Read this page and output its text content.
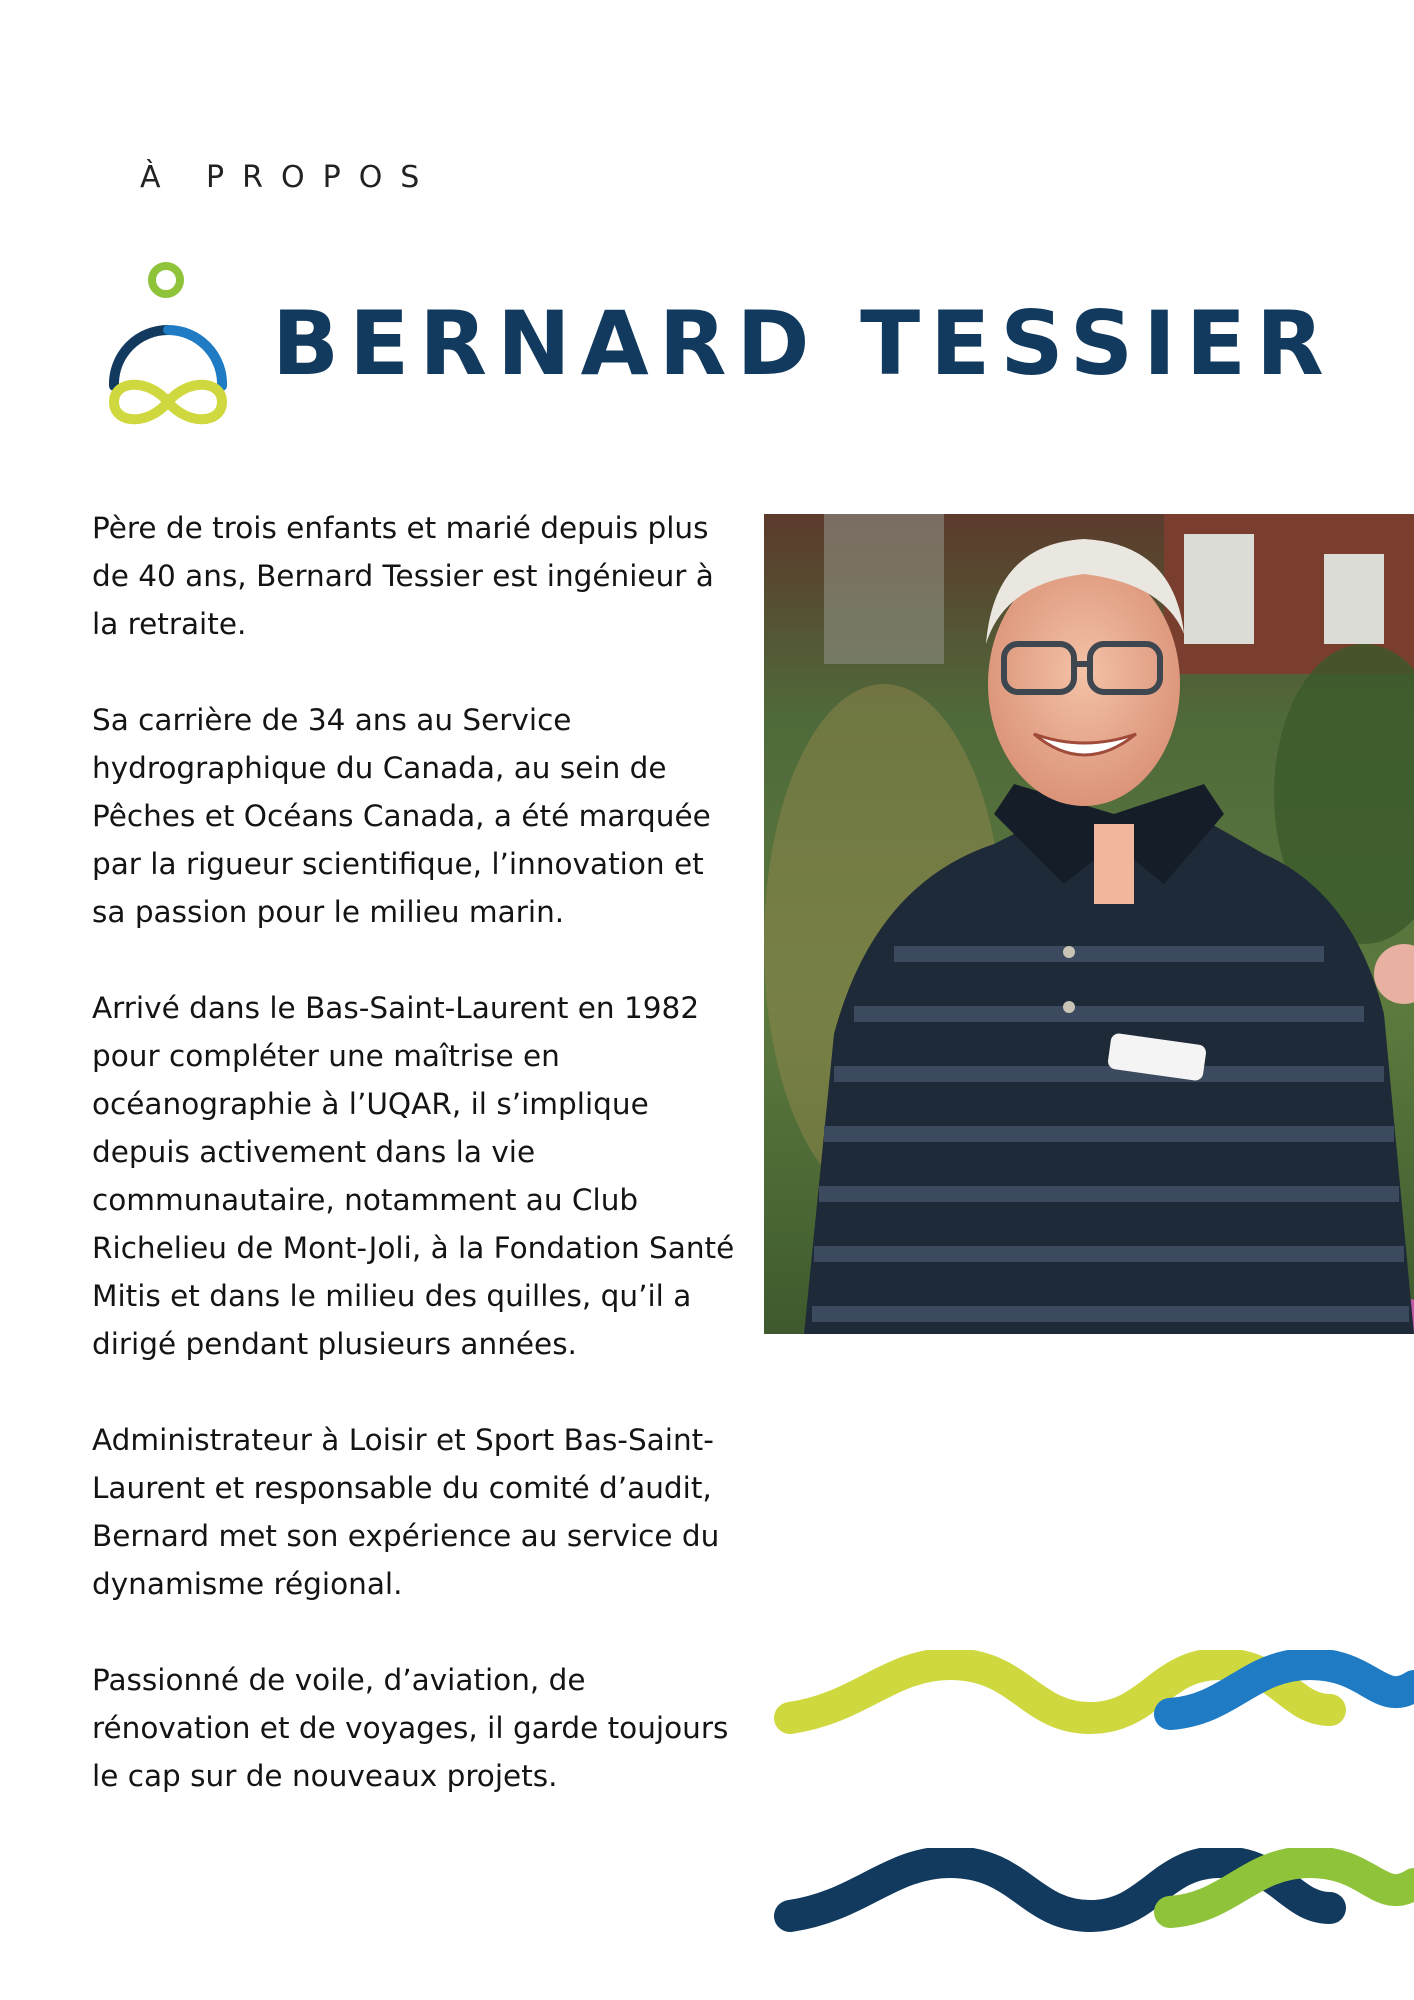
À PROPOS
BERNARD TESSIER

Père de trois enfants et marié depuis plus de 40 ans, Bernard Tessier est ingénieur à la retraite.

Sa carrière de 34 ans au Service hydrographique du Canada, au sein de Pêches et Océans Canada, a été marquée par la rigueur scientifique, l’innovation et sa passion pour le milieu marin.

Arrivé dans le Bas-Saint-Laurent en 1982 pour compléter une maîtrise en océanographie à l’UQAR, il s’implique depuis activement dans la vie communautaire, notamment au Club Richelieu de Mont-Joli, à la Fondation Santé Mitis et dans le milieu des quilles, qu’il a dirigé pendant plusieurs années.

Administrateur à Loisir et Sport Bas-Saint-Laurent et responsable du comité d’audit, Bernard met son expérience au service du dynamisme régional.

Passionné de voile, d’aviation, de rénovation et de voyages, il garde toujours le cap sur de nouveaux projets.
